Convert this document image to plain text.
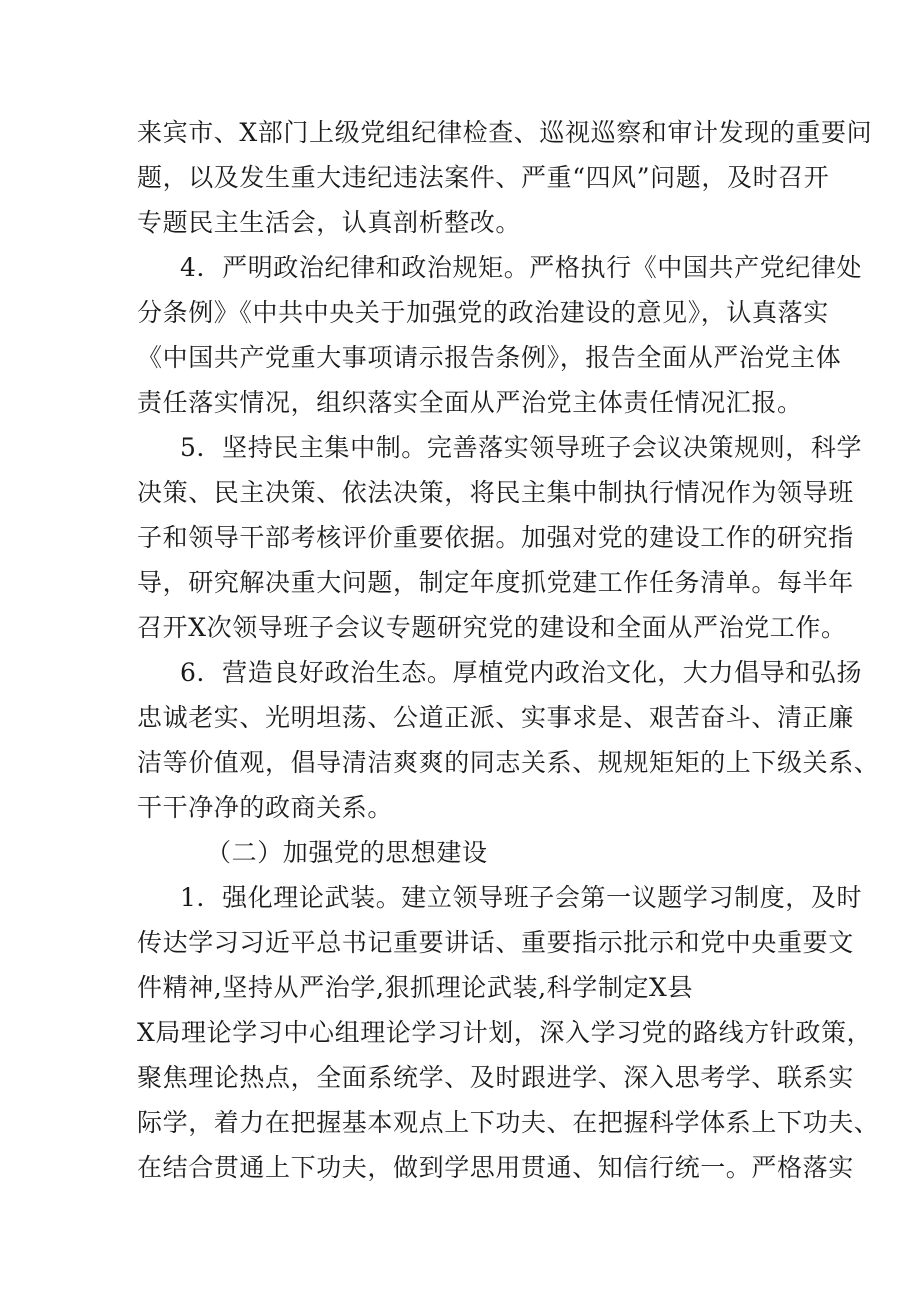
来宾市、X部门上级党组纪律检查、巡视巡察和审计发现的重要问
题，以及发生重大违纪违法案件、严重“四风”问题，及时召开
专题民主生活会，认真剖析整改。
4．严明政治纪律和政治规矩。严格执行《中国共产党纪律处
分条例》《中共中央关于加强党的政治建设的意见》，认真落实
《中国共产党重大事项请示报告条例》，报告全面从严治党主体
责任落实情况，组织落实全面从严治党主体责任情况汇报。
5．坚持民主集中制。完善落实领导班子会议决策规则，科学
决策、民主决策、依法决策，将民主集中制执行情况作为领导班
子和领导干部考核评价重要依据。加强对党的建设工作的研究指
导，研究解决重大问题，制定年度抓党建工作任务清单。每半年
召开X次领导班子会议专题研究党的建设和全面从严治党工作。
6．营造良好政治生态。厚植党内政治文化，大力倡导和弘扬
忠诚老实、光明坦荡、公道正派、实事求是、艰苦奋斗、清正廉
洁等价值观，倡导清洁爽爽的同志关系、规规矩矩的上下级关系、
干干净净的政商关系。
（二）加强党的思想建设
1．强化理论武装。建立领导班子会第一议题学习制度，及时
传达学习习近平总书记重要讲话、重要指示批示和党中央重要文
件精神,坚持从严治学,狠抓理论武装,科学制定X县
X局理论学习中心组理论学习计划，深入学习党的路线方针政策，
聚焦理论热点，全面系统学、及时跟进学、深入思考学、联系实
际学，着力在把握基本观点上下功夫、在把握科学体系上下功夫、
在结合贯通上下功夫，做到学思用贯通、知信行统一。严格落实
